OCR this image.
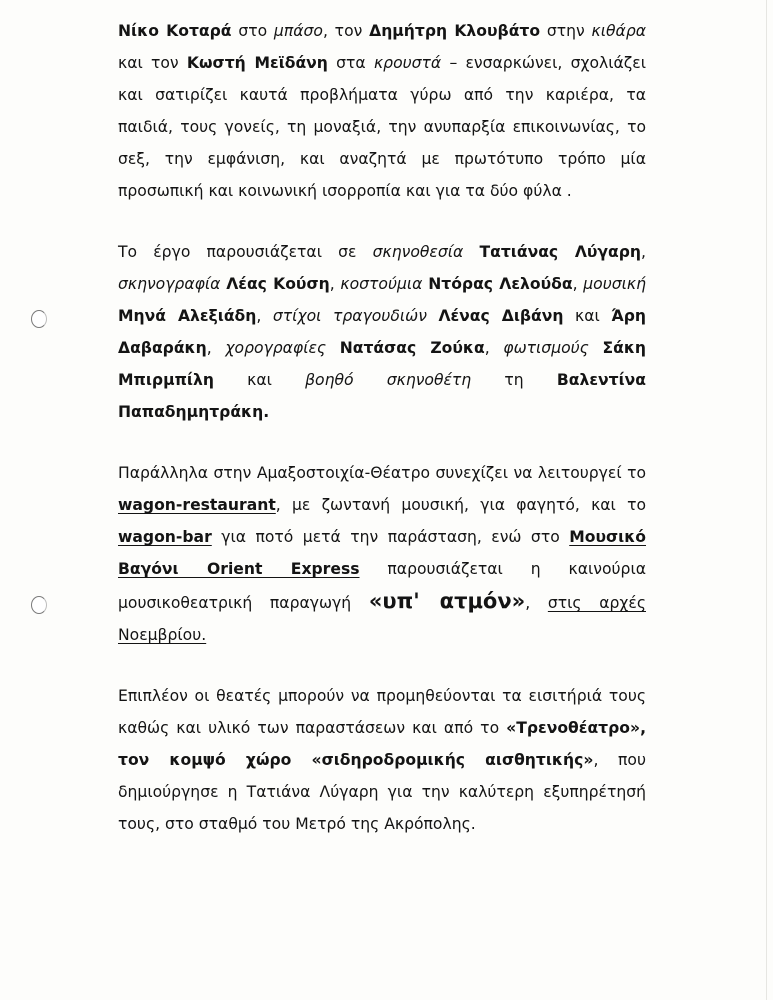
Νίκο Κοταρά στο μπάσο, τον Δημήτρη Κλουβάτο στην κιθάρα και τον Κωστή Μεϊδάνη στα κρουστά – ενσαρκώνει, σχολιάζει και σατιρίζει καυτά προβλήματα γύρω από την καριέρα, τα παιδιά, τους γονείς, τη μοναξιά, την ανυπαρξία επικοινωνίας, το σεξ, την εμφάνιση, και αναζητά με πρωτότυπο τρόπο μία προσωπική και κοινωνική ισορροπία και για τα δύο φύλα .

Το έργο παρουσιάζεται σε σκηνοθεσία Τατιάνας Λύγαρη, σκηνογραφία Λέας Κούση, κοστούμια Ντόρας Λελούδα, μουσική Μηνά Αλεξιάδη, στίχοι τραγουδιών Λένας Διβάνη και Άρη Δαβαράκη, χορογραφίες Νατάσας Ζούκα, φωτισμούς Σάκη Μπιρμπίλη και βοηθό σκηνοθέτη τη Βαλεντίνα Παπαδημητράκη.

Παράλληλα στην Αμαξοστοιχία-Θέατρο συνεχίζει να λειτουργεί το wagon-restaurant, με ζωντανή μουσική, για φαγητό, και το wagon-bar για ποτό μετά την παράσταση, ενώ στο Μουσικό Βαγόνι Orient Express παρουσιάζεται η καινούρια μουσικοθεατρική παραγωγή «υπ' ατμόν», στις αρχές Νοεμβρίου.

Επιπλέον οι θεατές μπορούν να προμηθεύονται τα εισιτήριά τους καθώς και υλικό των παραστάσεων και από το «Τρενοθέατρο», τον κομψό χώρο «σιδηροδρομικής αισθητικής», που δημιούργησε η Τατιάνα Λύγαρη για την καλύτερη εξυπηρέτησή τους, στο σταθμό του Μετρό της Ακρόπολης.
